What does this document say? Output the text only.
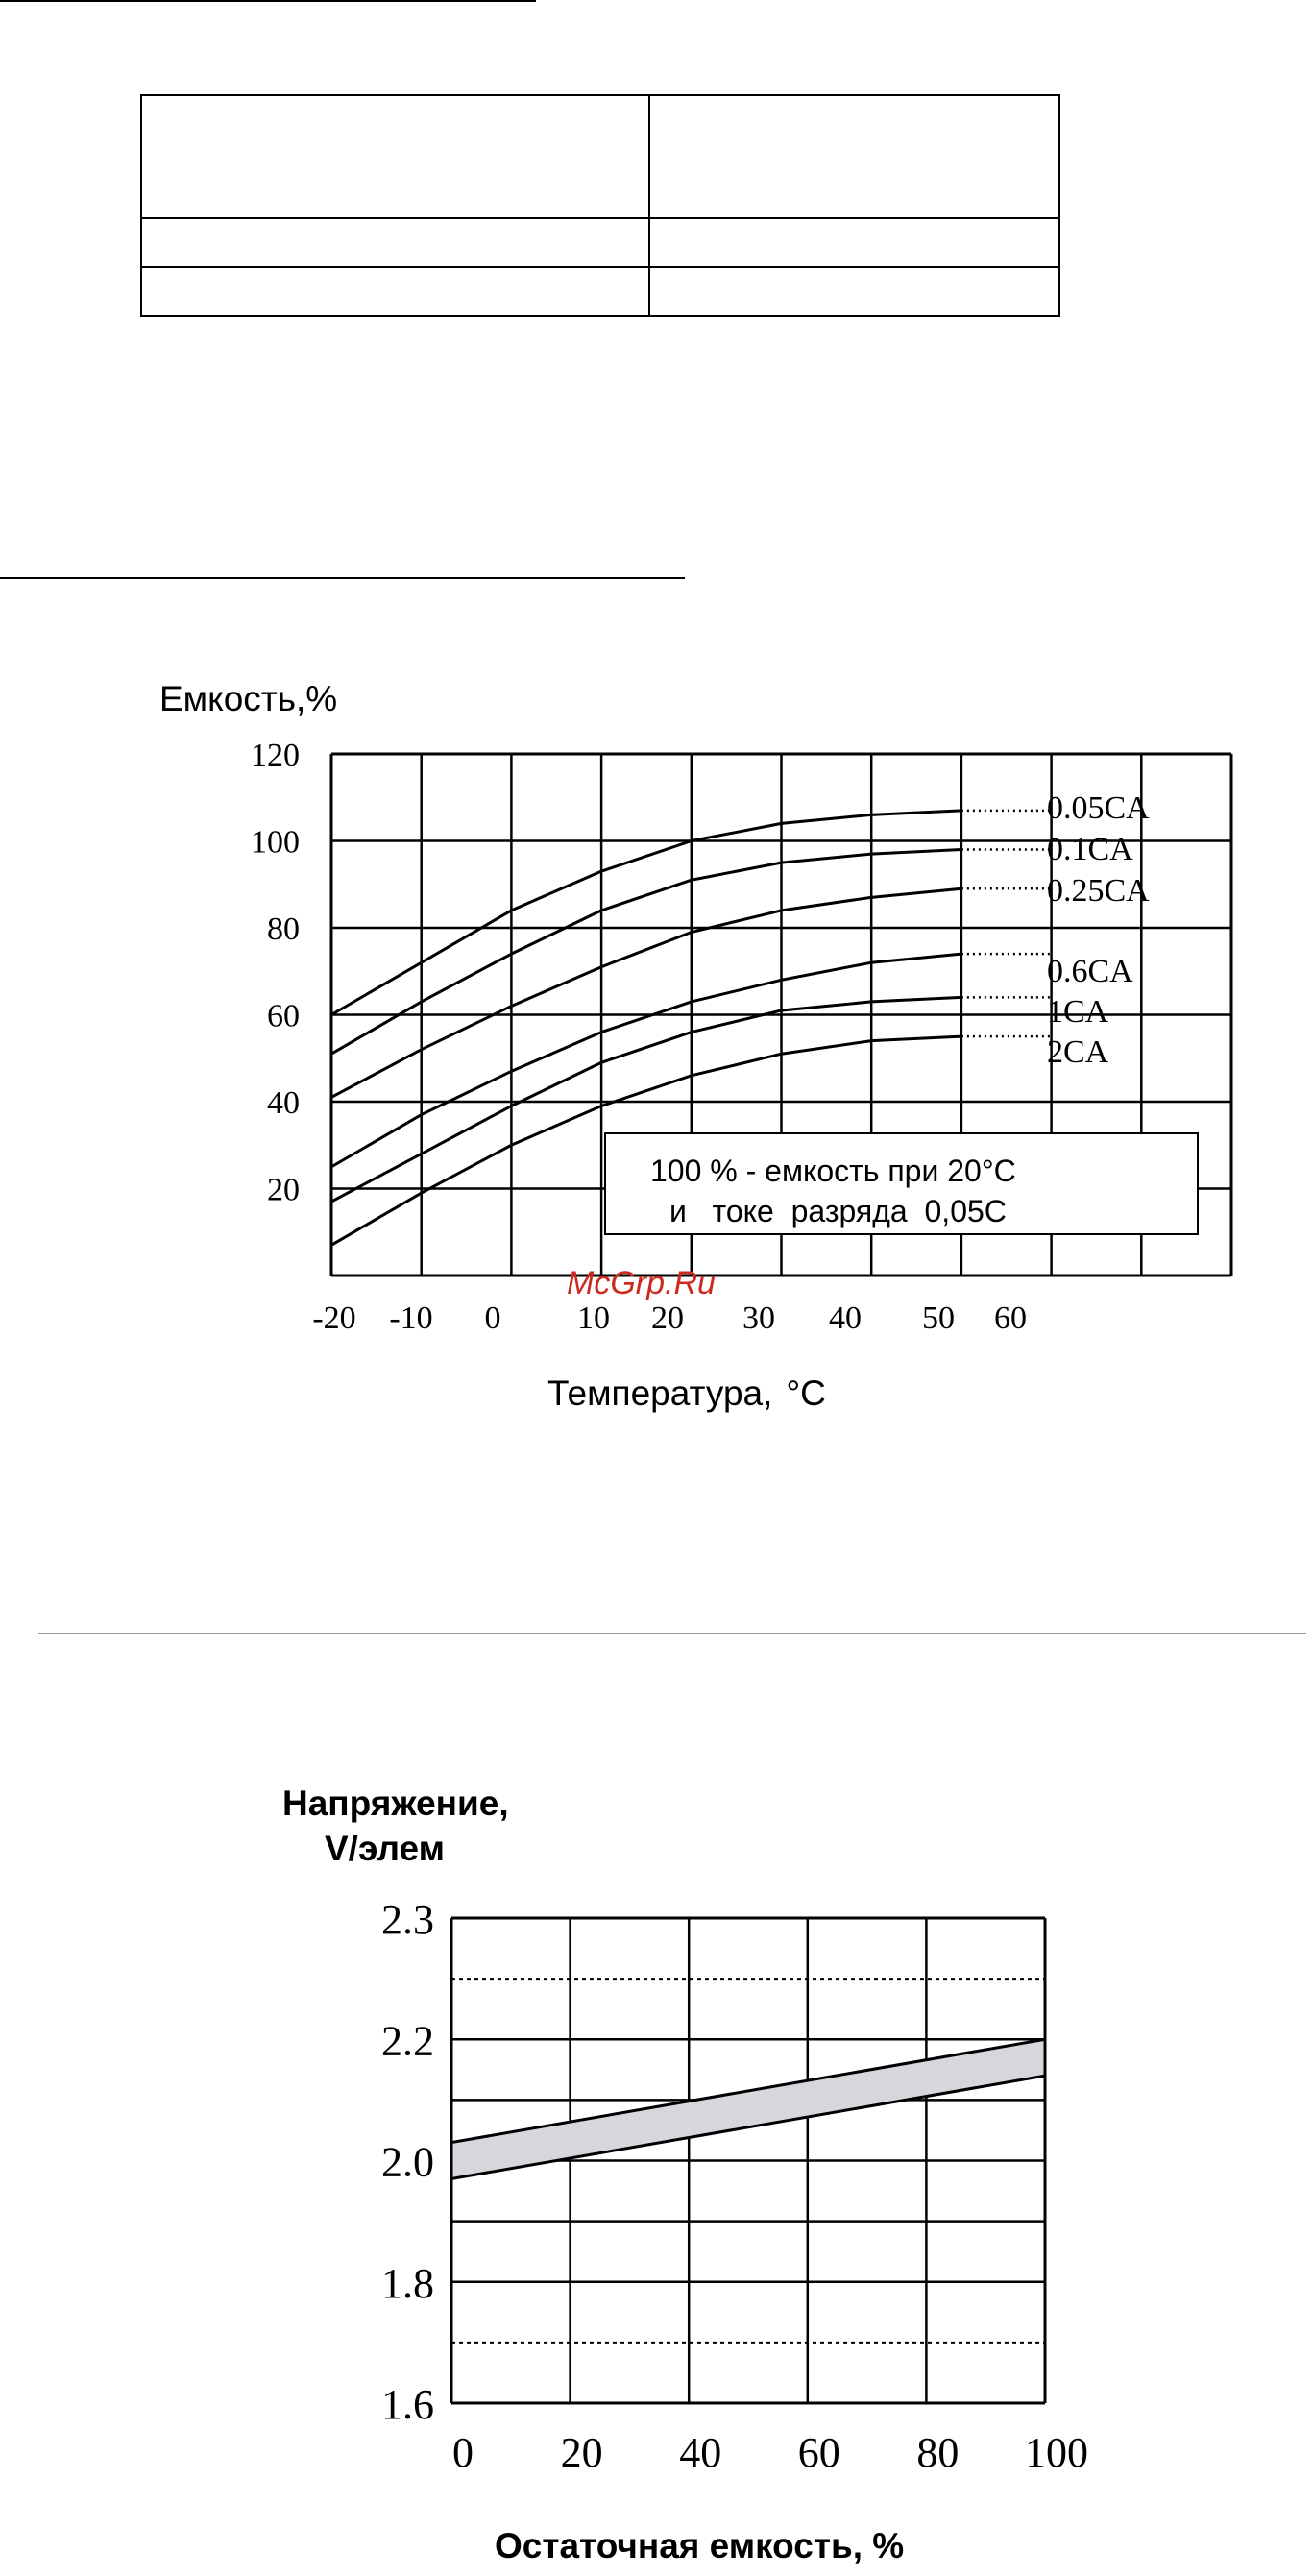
Емкость,%
120
100
80
60
40
20
-20 -10 0 10 20 30 40 50 60
0.05CA
0.1CA
0.25CA
0.6CA
1CA
2CA
100 % - емкость при 20°C
и   токе  разряда  0,05С
McGrp.Ru
Температура, °C
Напряжение,
V/элем
2.3
2.2
2.0
1.8
1.6
0 20 40 60 80 100
Остаточная емкость, %
